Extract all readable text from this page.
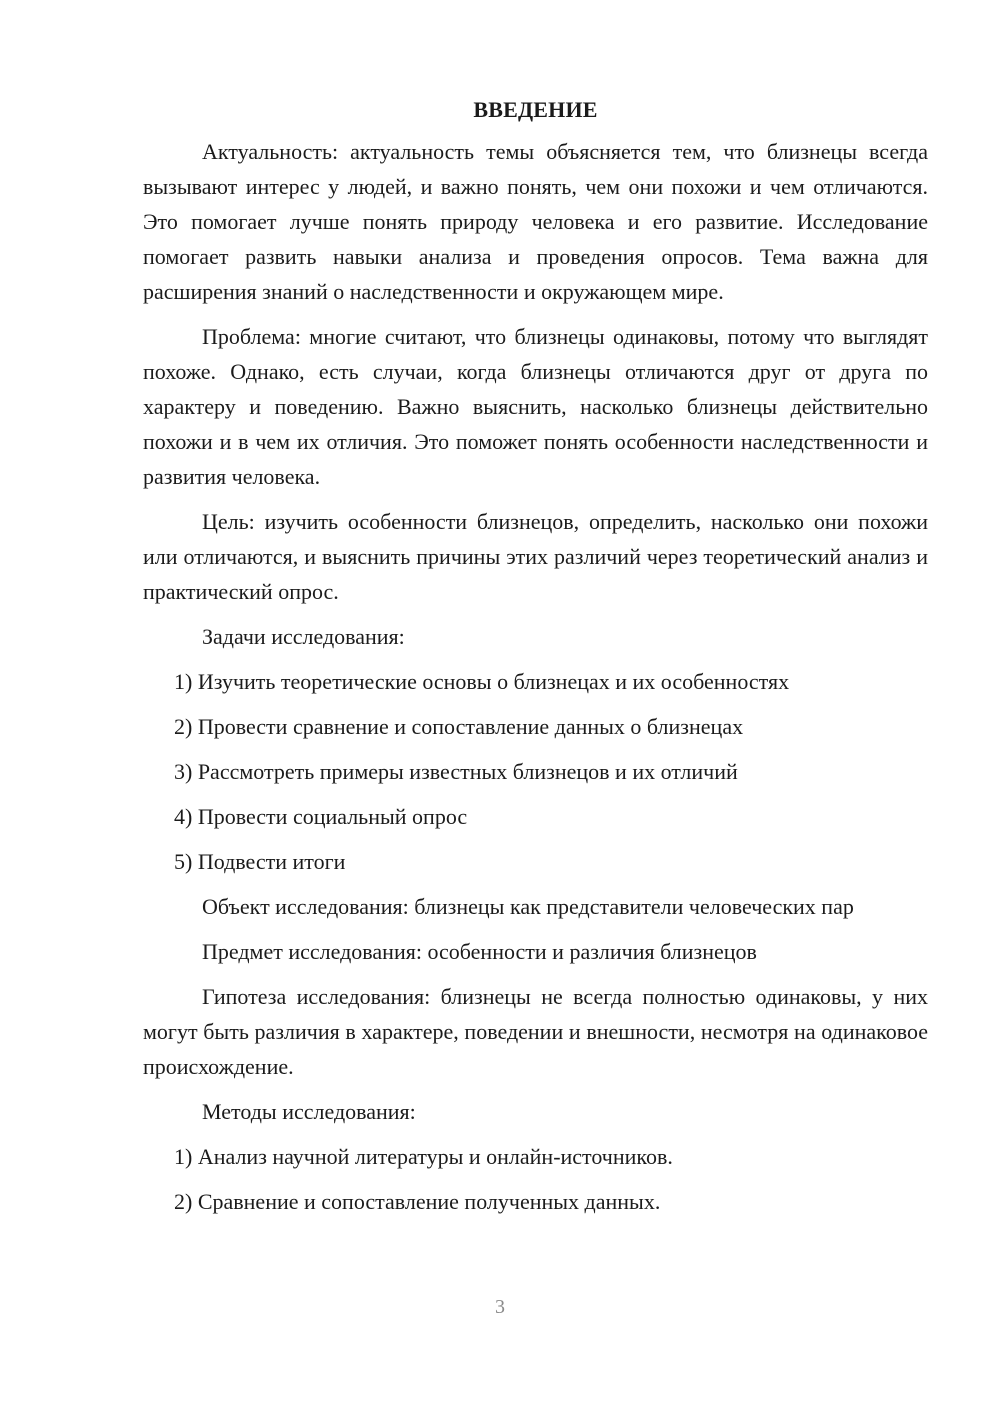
ВВЕДЕНИЕ

Актуальность: актуальность темы объясняется тем, что близнецы всегда вызывают интерес у людей, и важно понять, чем они похожи и чем отличаются. Это помогает лучше понять природу человека и его развитие. Исследование помогает развить навыки анализа и проведения опросов. Тема важна для расширения знаний о наследственности и окружающем мире.

Проблема: многие считают, что близнецы одинаковы, потому что выглядят похоже. Однако, есть случаи, когда близнецы отличаются друг от друга по характеру и поведению. Важно выяснить, насколько близнецы действительно похожи и в чем их отличия. Это поможет понять особенности наследственности и развития человека.

Цель: изучить особенности близнецов, определить, насколько они похожи или отличаются, и выяснить причины этих различий через теоретический анализ и практический опрос.

Задачи исследования:

1) Изучить теоретические основы о близнецах и их особенностях
2) Провести сравнение и сопоставление данных о близнецах
3) Рассмотреть примеры известных близнецов и их отличий
4) Провести социальный опрос
5) Подвести итоги

Объект исследования: близнецы как представители человеческих пар

Предмет исследования: особенности и различия близнецов

Гипотеза исследования: близнецы не всегда полностью одинаковы, у них могут быть различия в характере, поведении и внешности, несмотря на одинаковое происхождение.

Методы исследования:

1) Анализ научной литературы и онлайн-источников.
2) Сравнение и сопоставление полученных данных.
3
